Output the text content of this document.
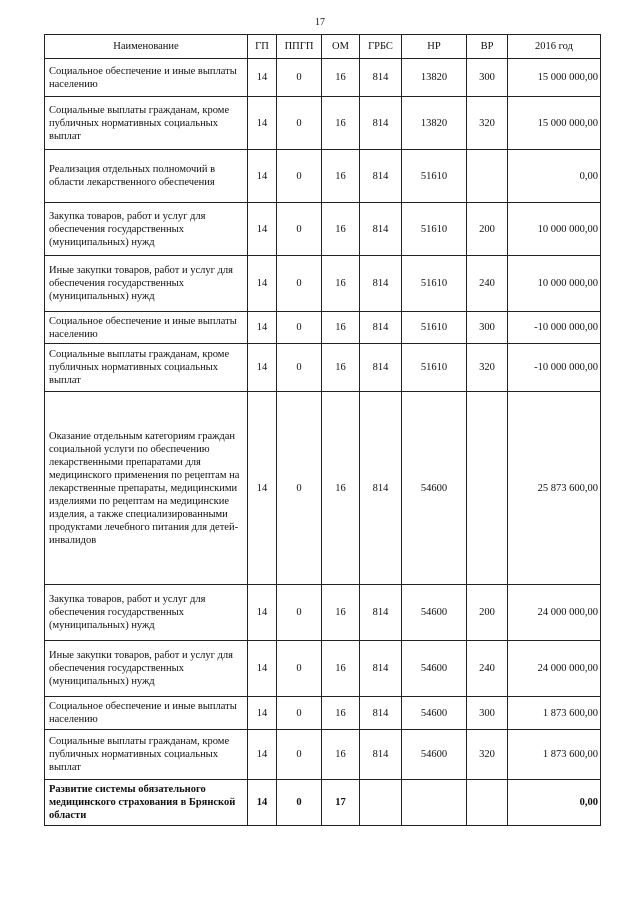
17
Наименование	ГП	ППГП	ОМ	ГРБС	НР	ВР	2016 год
Социальное обеспечение и иные выплаты населению	14	0	16	814	13820	300	15 000 000,00
Социальные выплаты гражданам, кроме публичных нормативных социальных выплат	14	0	16	814	13820	320	15 000 000,00
Реализация отдельных полномочий в области лекарственного обеспечения	14	0	16	814	51610		0,00
Закупка товаров, работ и услуг для обеспечения государственных (муниципальных) нужд	14	0	16	814	51610	200	10 000 000,00
Иные закупки товаров, работ и услуг для обеспечения государственных (муниципальных) нужд	14	0	16	814	51610	240	10 000 000,00
Социальное обеспечение и иные выплаты населению	14	0	16	814	51610	300	-10 000 000,00
Социальные выплаты гражданам, кроме публичных нормативных социальных выплат	14	0	16	814	51610	320	-10 000 000,00
Оказание отдельным категориям граждан социальной услуги по обеспечению лекарственными препаратами для медицинского применения по рецептам на лекарственные препараты, медицинскими изделиями по рецептам на медицинские изделия, а также специализированными продуктами лечебного питания для детей-инвалидов	14	0	16	814	54600		25 873 600,00
Закупка товаров, работ и услуг для обеспечения государственных (муниципальных) нужд	14	0	16	814	54600	200	24 000 000,00
Иные закупки товаров, работ и услуг для обеспечения государственных (муниципальных) нужд	14	0	16	814	54600	240	24 000 000,00
Социальное обеспечение и иные выплаты населению	14	0	16	814	54600	300	1 873 600,00
Социальные выплаты гражданам, кроме публичных нормативных социальных выплат	14	0	16	814	54600	320	1 873 600,00
Развитие системы обязательного медицинского страхования в Брянской области	14	0	17				0,00
